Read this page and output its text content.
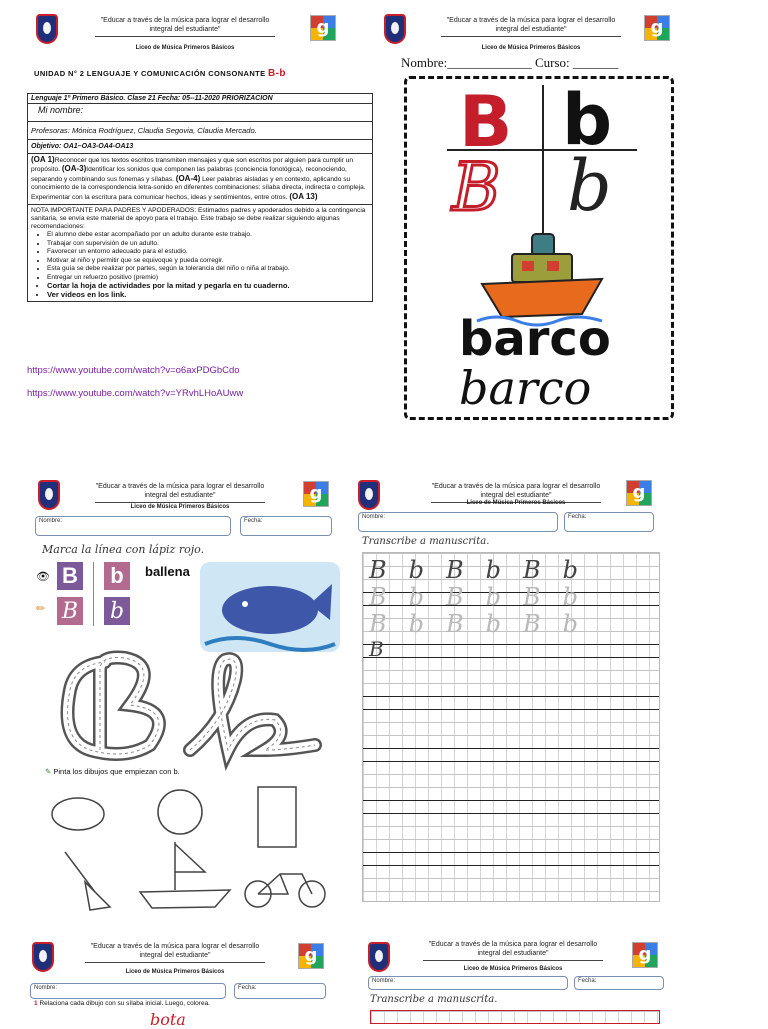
"Educar a través de la música para lograr el desarrollo
integral del estudiante"
Liceo de Música Primeros Básicos
g
UNIDAD N° 2 LENGUAJE Y COMUNICACIÓN CONSONANTE B-b
Lenguaje 1º Primero Básico. Clase 21 Fecha: 05--11-2020 PRIORIZACION
Mi nombre:
Profesoras: Mónica Rodríguez, Claudia Segovia, Claudia Mercado.
Objetivo: OA1–OA3-OA4-OA13
(OA 1)Reconocer que los textos escritos transmiten mensajes y que son escritos por alguien para cumplir un propósito. (OA-3)Identificar los sonidos que componen las palabras (conciencia fonológica), reconociendo, separando y combinando sus fonemas y sílabas. (OA-4) Leer palabras aisladas y en contexto, aplicando su conocimiento de la correspondencia letra-sonido en diferentes combinaciones: sílaba directa, indirecta o compleja. Experimentar con la escritura para comunicar hechos, ideas y sentimientos, entre otros. (OA 13)
NOTA IMPORTANTE PARA PADRES Y APODERADOS: Estimados padres y apoderados debido a la contingencia sanitaria, se envía este material de apoyo para el trabajo. Este trabajo se debe realizar siguiendo algunas recomendaciones:
• El alumno debe estar acompañado por un adulto durante este trabajo.
• Trabajar con supervisión de un adulto.
• Favorecer un entorno adecuado para el estudio.
• Motivar al niño y permitir que se equivoque y pueda corregir.
• Esta guía se debe realizar por partes, según la tolerancia del niño o niña al trabajo.
• Entregar un refuerzo positivo (premio)
• Cortar la hoja de actividades por la mitad y pegarla en tu cuaderno.
• Ver videos en los link.
https://www.youtube.com/watch?v=o6axPDGbCdo
https://www.youtube.com/watch?v=YRvhLHoAUww
"Educar a través de la música para lograr el desarrollo
integral del estudiante"
Liceo de Música Primeros Básicos
g
Nombre:_____________ Curso: _______
B b
B b
barco
barco
"Educar a través de la música para lograr el desarrollo
integral del estudiante"
Liceo de Música Primeros Básicos
g
Nombre:	Fecha:
Marca la línea con lápiz rojo.
👁
✏
B b
B b
ballena
✎ Pinta los dibujos que empiezan con b.
"Educar a través de la música para lograr el desarrollo
integral del estudiante"
Liceo de Música Primeros Básicos	g
Nombre:	Fecha:
Transcribe a manuscrita.
BbBbBb
BbBbBb
BbBbBb
B
"Educar a través de la música para lograr el desarrollo
integral del estudiante"
Liceo de Música Primeros Básicos
g
Nombre:	Fecha:
1 Relaciona cada dibujo con su sílaba inicial. Luego, colorea.
bota
"Educar a través de la música para lograr el desarrollo
integral del estudiante"
Liceo de Música Primeros Básicos
g
Nombre:	Fecha:
Transcribe a manuscrita.
